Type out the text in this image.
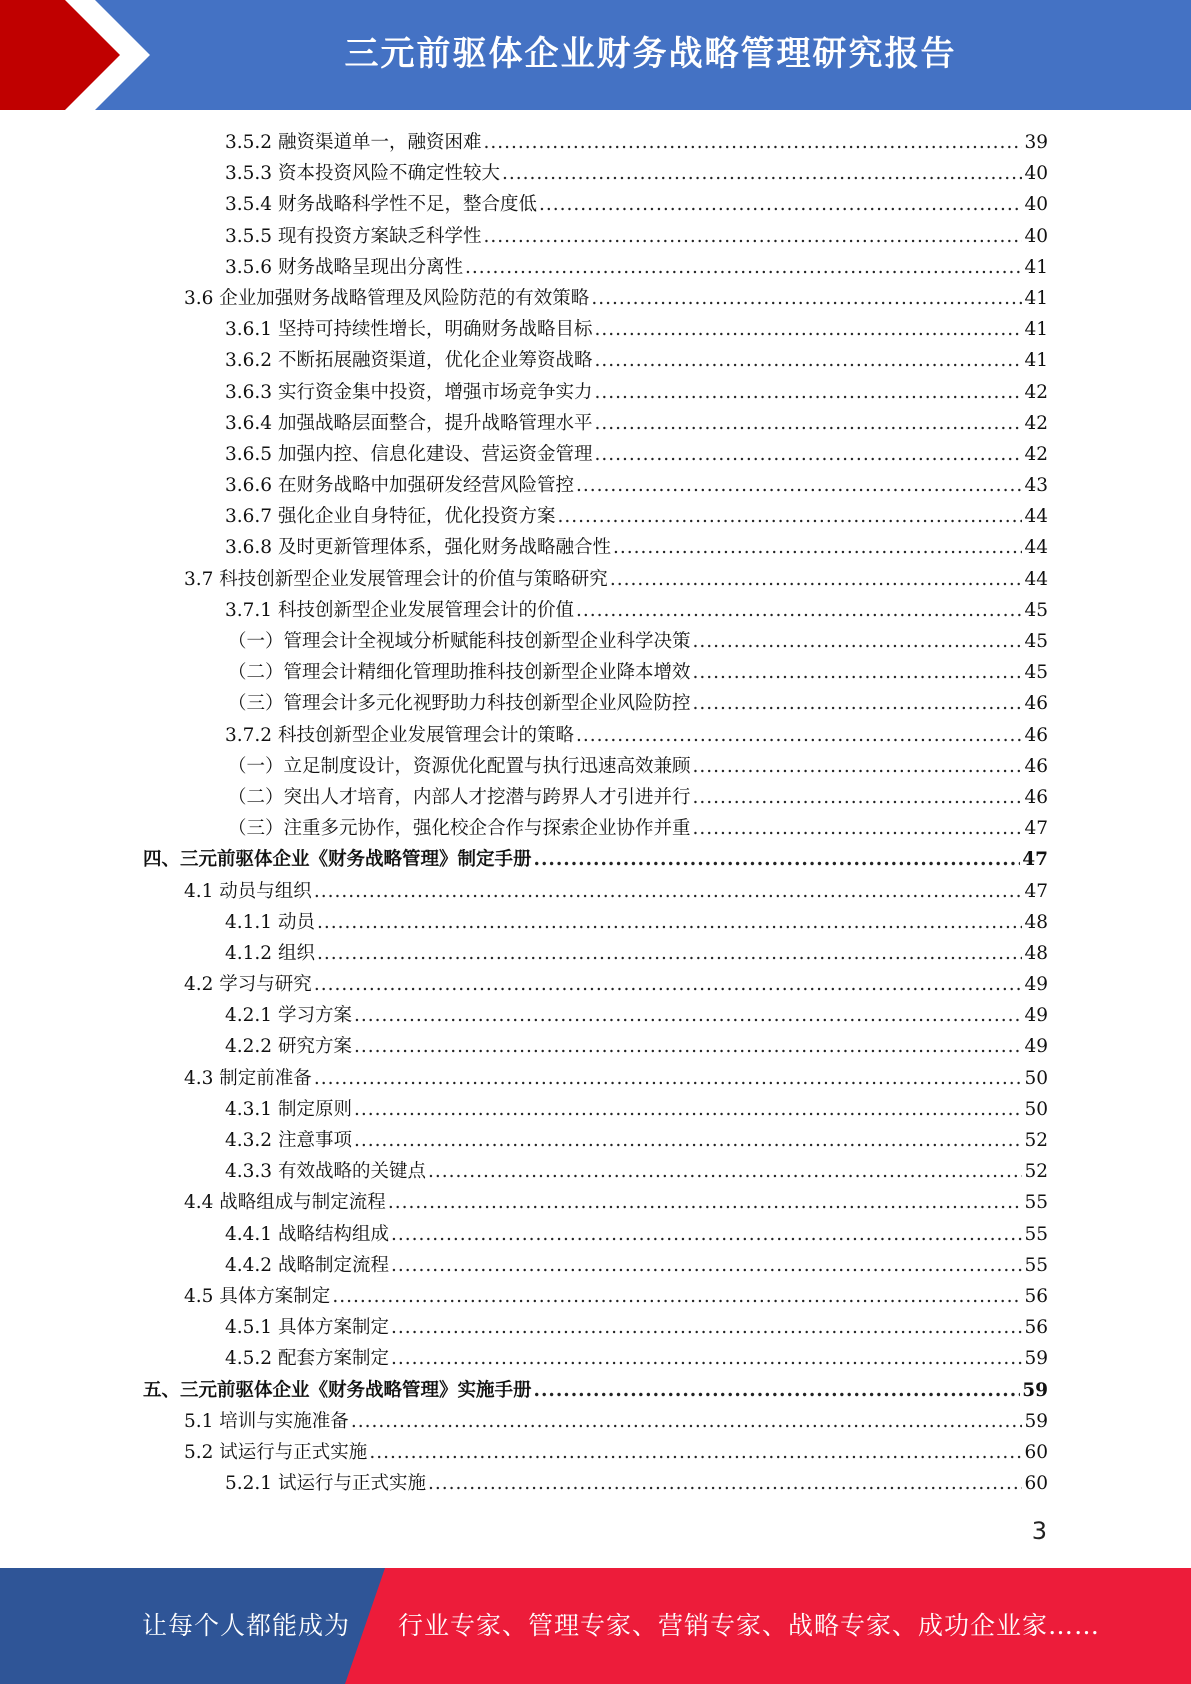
三元前驱体企业财务战略管理研究报告
3.5.2 融资渠道单一，融资困难 .....	39
3.5.3 资本投资风险不确定性较大 .....	40
3.5.4 财务战略科学性不足，整合度低 .....	40
3.5.5 现有投资方案缺乏科学性 .....	40
3.5.6 财务战略呈现出分离性 .....	41
3.6 企业加强财务战略管理及风险防范的有效策略 .....	41
3.6.1 坚持可持续性增长，明确财务战略目标 .....	41
3.6.2 不断拓展融资渠道，优化企业筹资战略 .....	41
3.6.3 实行资金集中投资，增强市场竞争实力 .....	42
3.6.4 加强战略层面整合，提升战略管理水平 .....	42
3.6.5 加强内控、信息化建设、营运资金管理 .....	42
3.6.6 在财务战略中加强研发经营风险管控 .....	43
3.6.7 强化企业自身特征，优化投资方案 .....	44
3.6.8 及时更新管理体系，强化财务战略融合性 .....	44
3.7 科技创新型企业发展管理会计的价值与策略研究 .....	44
3.7.1 科技创新型企业发展管理会计的价值 .....	45
（一）管理会计全视域分析赋能科技创新型企业科学决策 .....	45
（二）管理会计精细化管理助推科技创新型企业降本增效 .....	45
（三）管理会计多元化视野助力科技创新型企业风险防控 .....	46
3.7.2 科技创新型企业发展管理会计的策略 .....	46
（一）立足制度设计，资源优化配置与执行迅速高效兼顾 .....	46
（二）突出人才培育，内部人才挖潜与跨界人才引进并行 .....	46
（三）注重多元协作，强化校企合作与探索企业协作并重 .....	47
四、三元前驱体企业《财务战略管理》制定手册 .....	47
4.1 动员与组织 .....	47
4.1.1 动员 .....	48
4.1.2 组织 .....	48
4.2 学习与研究 .....	49
4.2.1 学习方案 .....	49
4.2.2 研究方案 .....	49
4.3 制定前准备 .....	50
4.3.1 制定原则 .....	50
4.3.2 注意事项 .....	52
4.3.3 有效战略的关键点 .....	52
4.4 战略组成与制定流程 .....	55
4.4.1 战略结构组成 .....	55
4.4.2 战略制定流程 .....	55
4.5 具体方案制定 .....	56
4.5.1 具体方案制定 .....	56
4.5.2 配套方案制定 .....	59
五、三元前驱体企业《财务战略管理》实施手册 .....	59
5.1 培训与实施准备 .....	59
5.2 试运行与正式实施 .....	60
5.2.1 试运行与正式实施 .....	60
3
让每个人都能成为 行业专家、管理专家、营销专家、战略专家、成功企业家……
